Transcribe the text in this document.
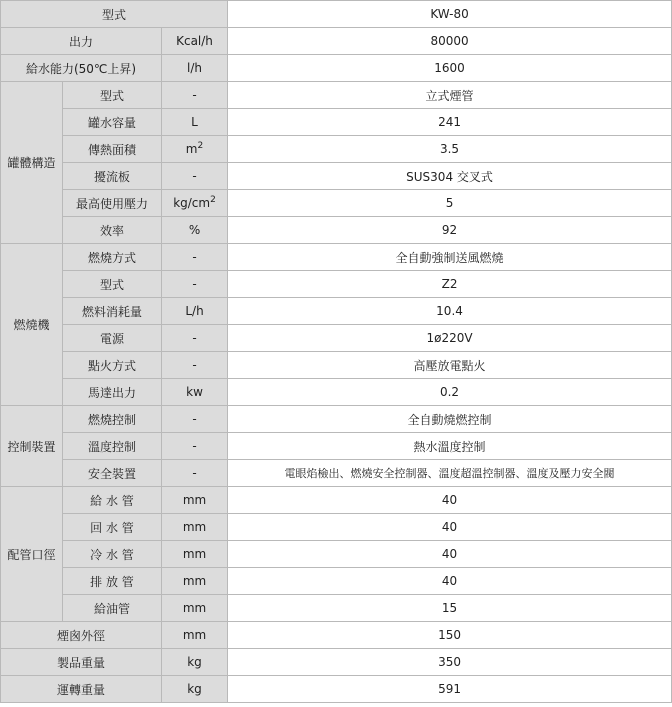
型式			KW-80
出力		Kcal/h	80000
給水能力(50℃上昇)		l/h	1600
罐體構造	型式	-	立式煙管
	罐水容量	L	241
	傳熱面積	$m^2$	3.5
	擾流板	-	SUS304 交叉式
	最高使用壓力	$kg/cm^2$	5
	效率	%	92
燃燒機	燃燒方式	-	全自動強制送風燃燒
	型式	-	Z2
	燃料消耗量	L/h	10.4
	電源	-	1ø220V
	點火方式	-	高壓放電點火
	馬達出力	kw	0.2
控制裝置	燃燒控制	-	全自動燒燃控制
	溫度控制	-	熱水溫度控制
	安全裝置	-	電眼焰檢出、燃燒安全控制器、溫度超溫控制器、溫度及壓力安全閥
配管口徑	給 水 管	mm	40
	回 水 管	mm	40
	冷 水 管	mm	40
	排 放 管	mm	40
	給油管	mm	15
煙囪外徑		mm	150
製品重量		kg	350
運轉重量		kg	591
